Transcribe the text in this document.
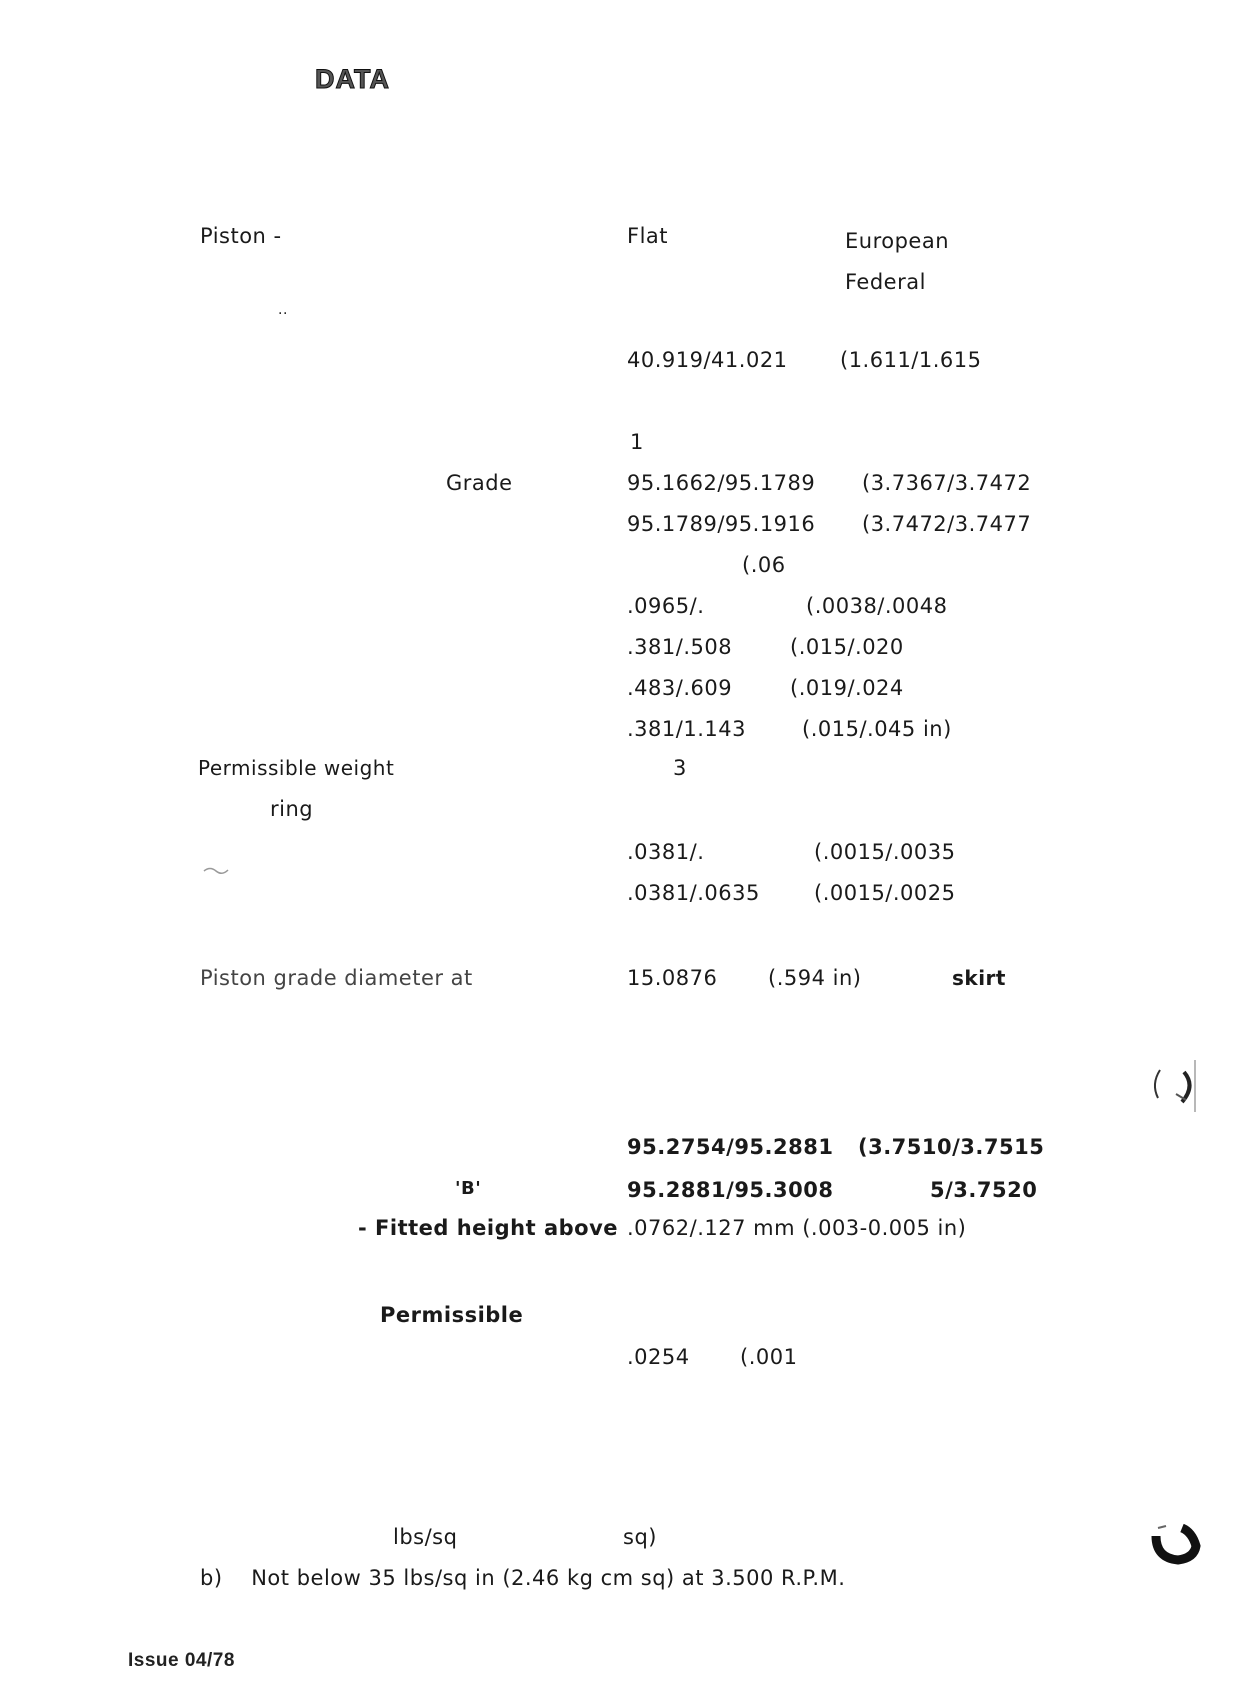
DATA
Piston -	Flat	European
Federal
..
40.919/41.021 (1.611/1.615
1
Grade	95.1662/95.1789 (3.7367/3.7472
95.1789/95.1916 (3.7472/3.7477
(.06
.0965/.	(.0038/.0048
.381/.508	(.015/.020
.483/.609	(.019/.024
.381/1.143	(.015/.045 in)
Permissible weight	3
ring
.0381/.	(.0015/.0035
.0381/.0635	(.0015/.0025
Piston grade diameter at	15.0876 (.594 in)	skirt
95.2754/95.2881 (3.7510/3.7515
'B'	95.2881/95.3008	5/3.7520
- Fitted height above .0762/.127 mm (.003-0.005 in)
Permissible
.0254 (.001
lbs/sq	sq)
b)    Not below 35 lbs/sq in (2.46 kg cm sq) at 3.500 R.P.M.
Issue 04/78
